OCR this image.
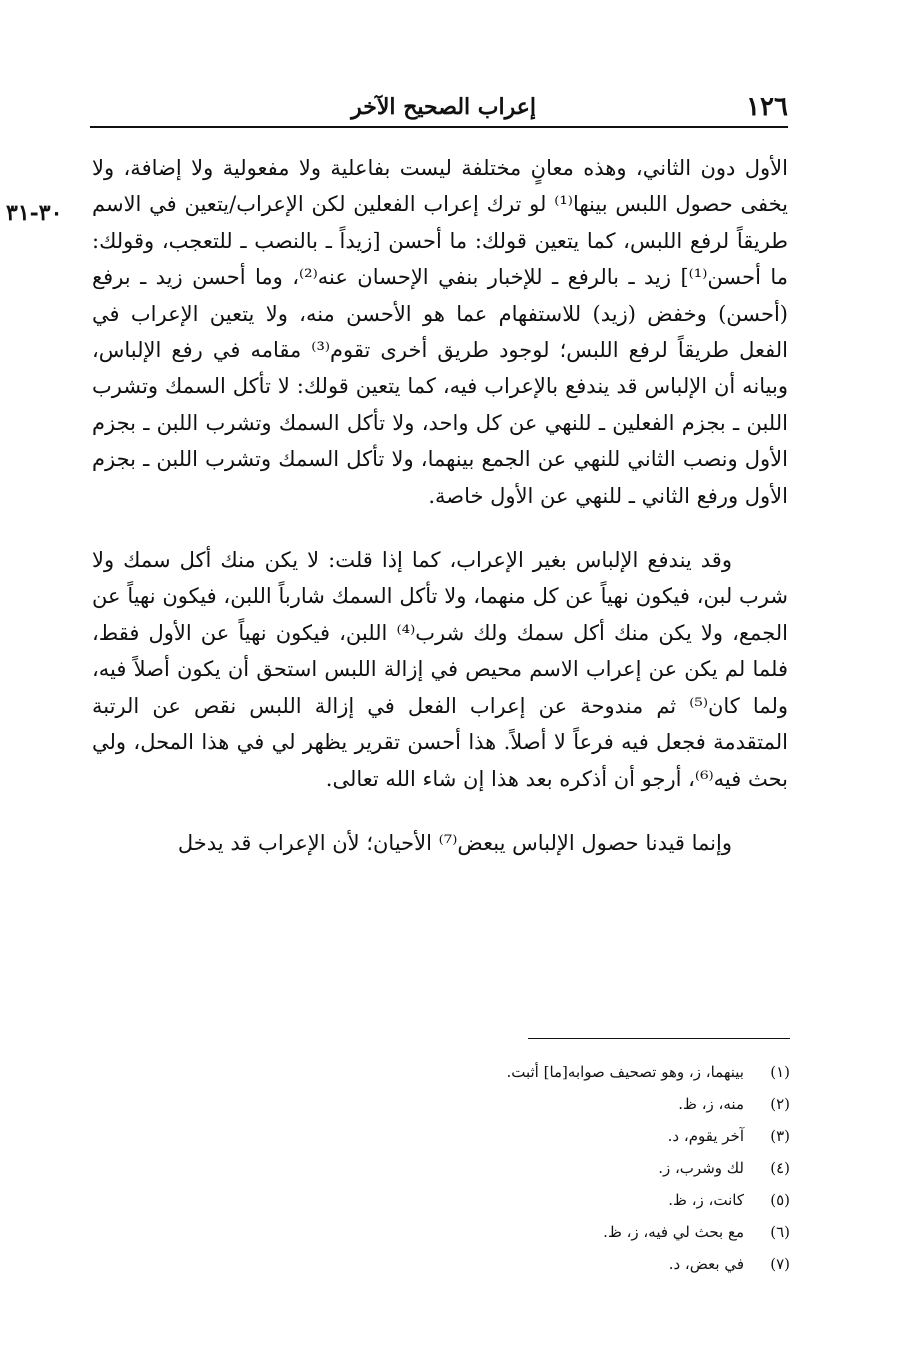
١٢٦
إعراب الصحيح الآخر
٣٠-٣١

الأول دون الثاني، وهذه معانٍ مختلفة ليست بفاعلية ولا مفعولية ولا إضافة، ولا يخفى حصول اللبس بينها⁽¹⁾ لو ترك إعراب الفعلين لكن الإعراب/يتعين في الاسم طريقاً لرفع اللبس، كما يتعين قولك: ما أحسن [زيداً ـ بالنصب ـ للتعجب، وقولك: ما أحسن⁽¹⁾] زيد ـ بالرفع ـ للإخبار بنفي الإحسان عنه⁽²⁾، وما أحسن زيد ـ برفع (أحسن) وخفض (زيد) للاستفهام عما هو الأحسن منه، ولا يتعين الإعراب في الفعل طريقاً لرفع اللبس؛ لوجود طريق أخرى تقوم⁽³⁾ مقامه في رفع الإلباس، وبيانه أن الإلباس قد يندفع بالإعراب فيه، كما يتعين قولك: لا تأكل السمك وتشرب اللبن ـ بجزم الفعلين ـ للنهي عن كل واحد، ولا تأكل السمك وتشرب اللبن ـ بجزم الأول ونصب الثاني للنهي عن الجمع بينهما، ولا تأكل السمك وتشرب اللبن ـ بجزم الأول ورفع الثاني ـ للنهي عن الأول خاصة.

وقد يندفع الإلباس بغير الإعراب، كما إذا قلت: لا يكن منك أكل سمك ولا شرب لبن، فيكون نهياً عن كل منهما، ولا تأكل السمك شارباً اللبن، فيكون نهياً عن الجمع، ولا يكن منك أكل سمك ولك شرب⁽⁴⁾ اللبن، فيكون نهياً عن الأول فقط، فلما لم يكن عن إعراب الاسم محيص في إزالة اللبس استحق أن يكون أصلاً فيه، ولما كان⁽⁵⁾ ثم مندوحة عن إعراب الفعل في إزالة اللبس نقص عن الرتبة المتقدمة فجعل فيه فرعاً لا أصلاً. هذا أحسن تقرير يظهر لي في هذا المحل، ولي بحث فيه⁽⁶⁾، أرجو أن أذكره بعد هذا إن شاء الله تعالى.

وإنما قيدنا حصول الإلباس يبعض⁽⁷⁾ الأحيان؛ لأن الإعراب قد يدخل

(١)بينهما، ز، وهو تصحيف صوابه[ما] أثبت.
(٢)منه، ز، ظ.
(٣)آخر يقوم، د.
(٤)لك وشرب، ز.
(٥)كانت، ز، ظ.
(٦)مع بحث لي فيه، ز، ظ.
(٧)في بعض، د.
